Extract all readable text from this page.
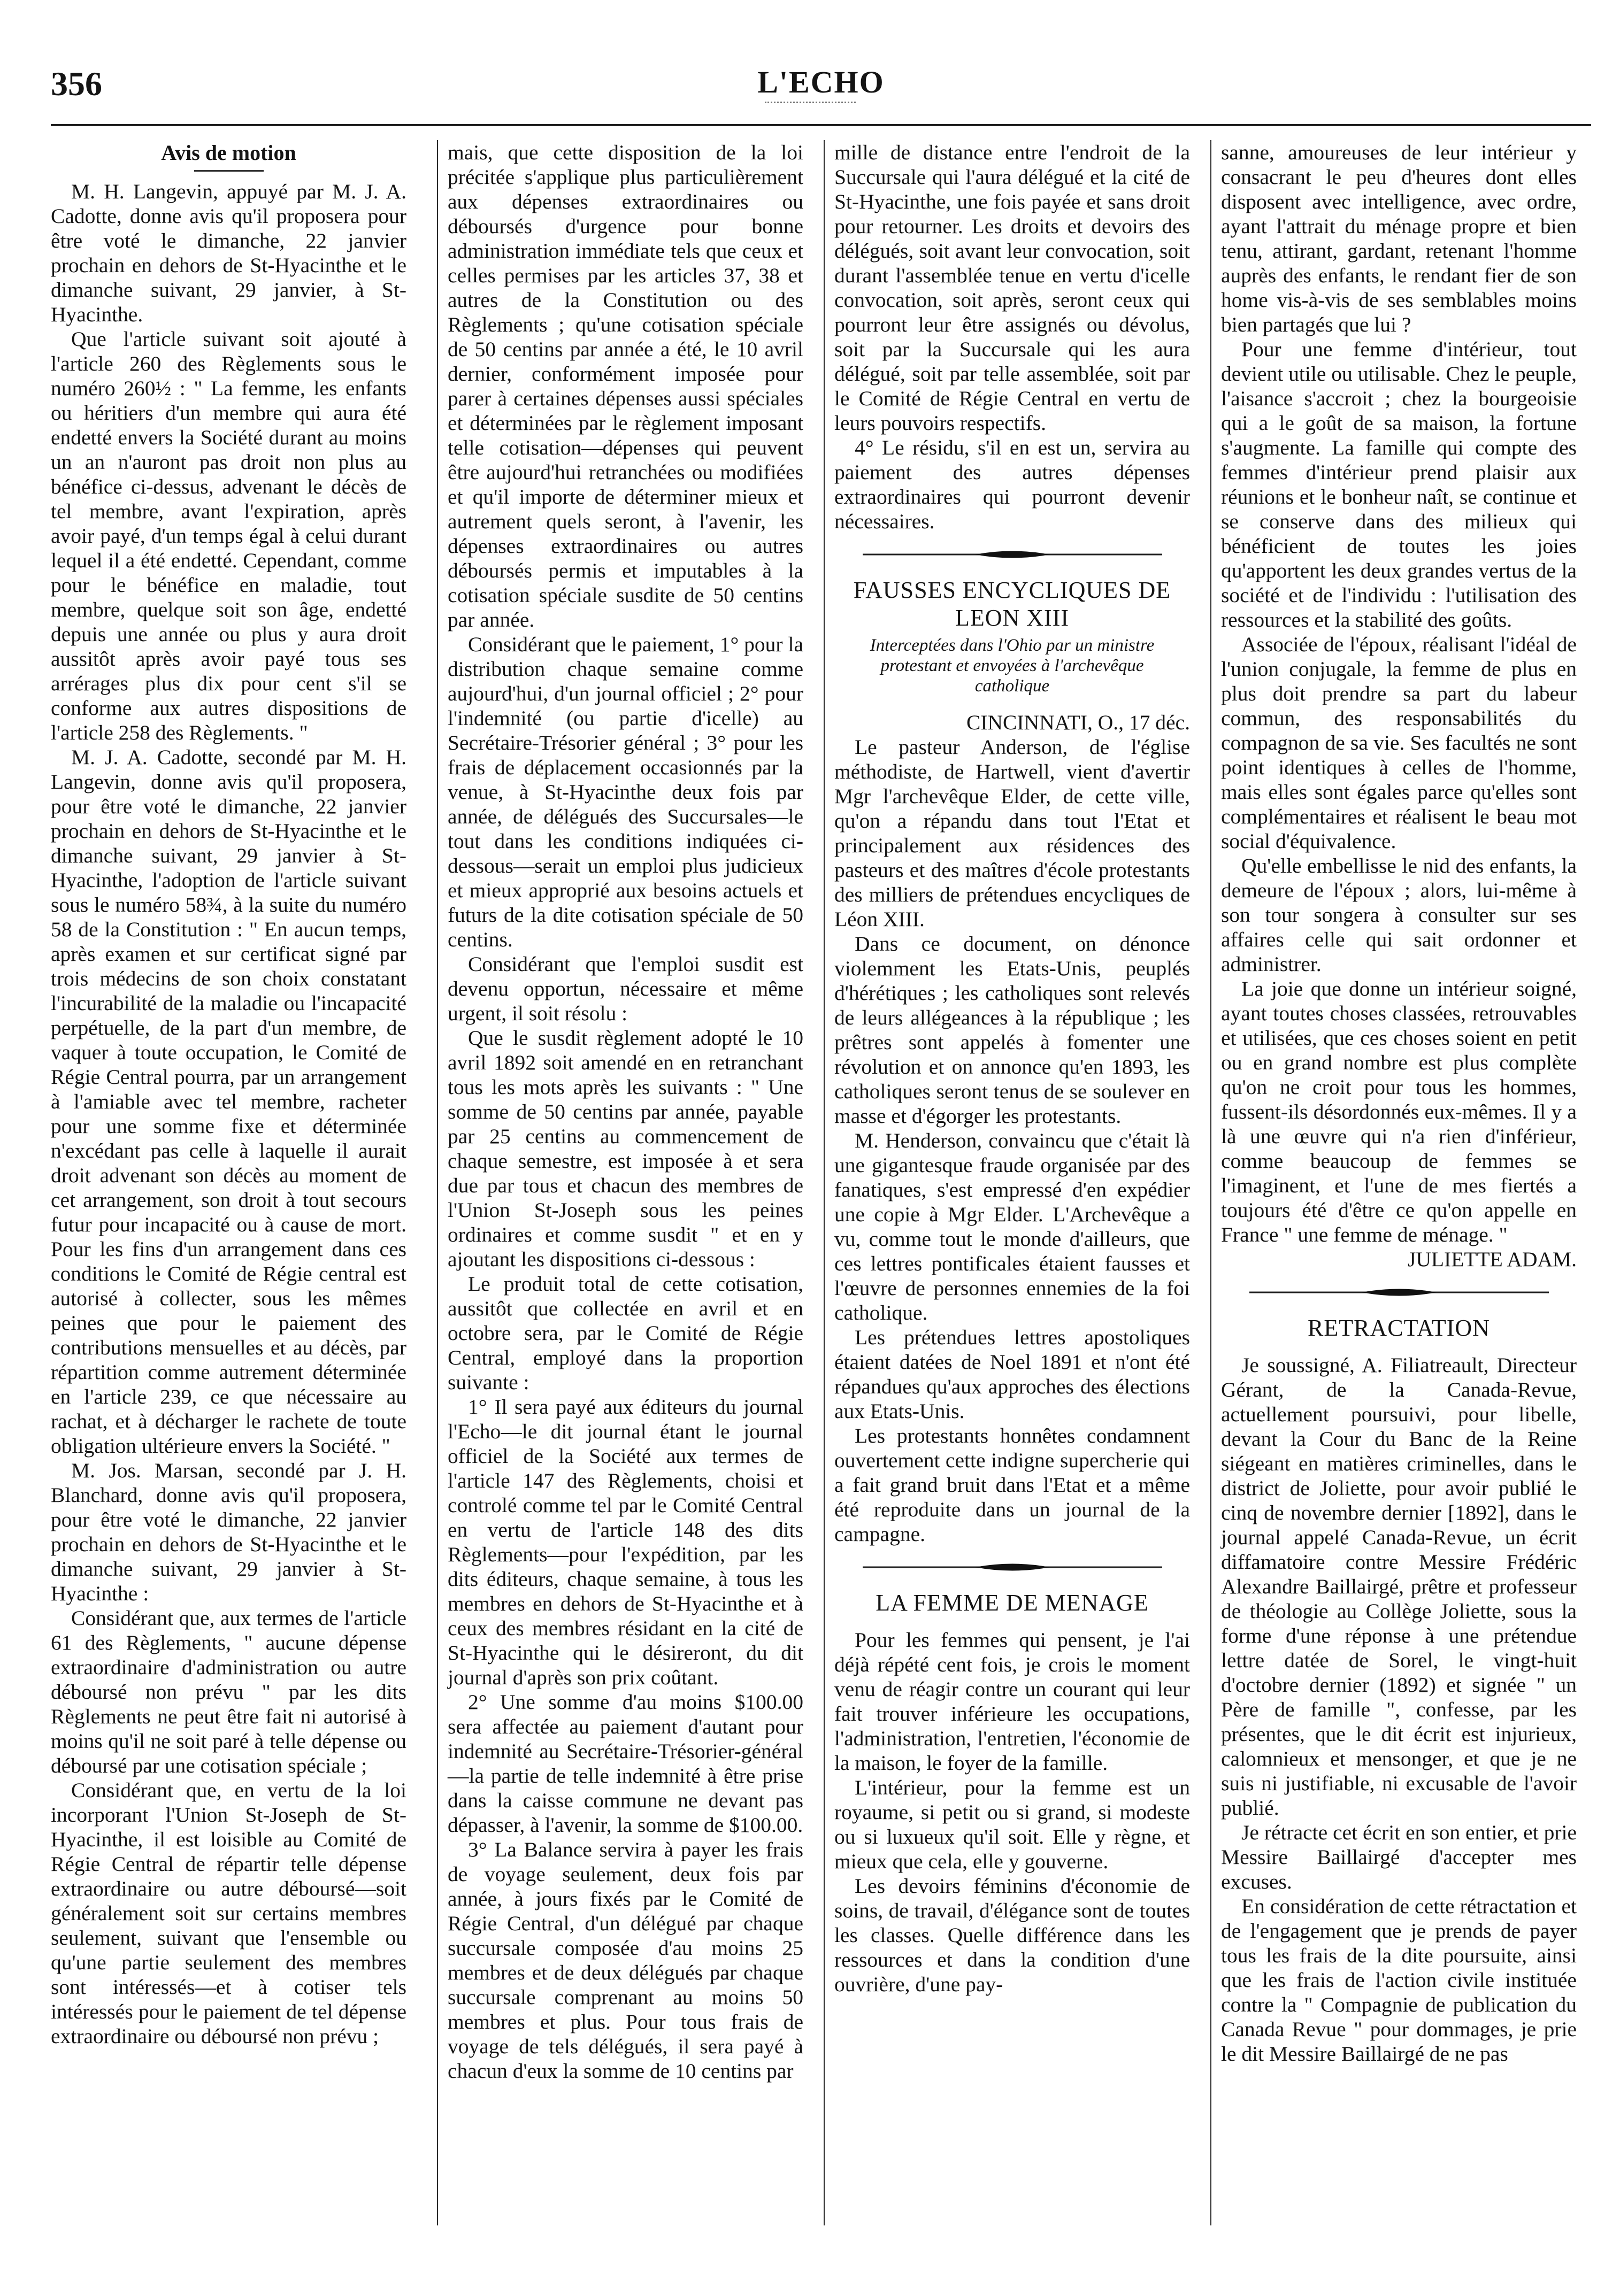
356	L'ECHO
Avis de motion

M. H. Langevin, appuyé par M. J. A. Cadotte, donne avis qu'il proposera pour être voté le dimanche, 22 janvier prochain en dehors de St-Hyacinthe et le dimanche suivant, 29 janvier, à St-Hyacinthe.

Que l'article suivant soit ajouté à l'article 260 des Règlements sous le numéro 260½ : " La femme, les enfants ou héritiers d'un membre qui aura été endetté envers la Société durant au moins un an n'auront pas droit non plus au bénéfice ci-dessus, advenant le décès de tel membre, avant l'expiration, après avoir payé, d'un temps égal à celui durant lequel il a été endetté. Cependant, comme pour le bénéfice en maladie, tout membre, quelque soit son âge, endetté depuis une année ou plus y aura droit aussitôt après avoir payé tous ses arrérages plus dix pour cent s'il se conforme aux autres dispositions de l'article 258 des Règlements. "

M. J. A. Cadotte, secondé par M. H. Langevin, donne avis qu'il proposera, pour être voté le dimanche, 22 janvier prochain en dehors de St-Hyacinthe et le dimanche suivant, 29 janvier à St-Hyacinthe, l'adoption de l'article suivant sous le numéro 58¾, à la suite du numéro 58 de la Constitution : " En aucun temps, après examen et sur certificat signé par trois médecins de son choix constatant l'incurabilité de la maladie ou l'incapacité perpétuelle, de la part d'un membre, de vaquer à toute occupation, le Comité de Régie Central pourra, par un arrangement à l'amiable avec tel membre, racheter pour une somme fixe et déterminée n'excédant pas celle à laquelle il aurait droit advenant son décès au moment de cet arrangement, son droit à tout secours futur pour incapacité ou à cause de mort. Pour les fins d'un arrangement dans ces conditions le Comité de Régie central est autorisé à collecter, sous les mêmes peines que pour le paiement des contributions mensuelles et au décès, par répartition comme autrement déterminée en l'article 239, ce que nécessaire au rachat, et à décharger le rachete de toute obligation ultérieure envers la Société. "

M. Jos. Marsan, secondé par J. H. Blanchard, donne avis qu'il proposera, pour être voté le dimanche, 22 janvier prochain en dehors de St-Hyacinthe et le dimanche suivant, 29 janvier à St-Hyacinthe :

Considérant que, aux termes de l'article 61 des Règlements, " aucune dépense extraordinaire d'administration ou autre déboursé non prévu " par les dits Règlements ne peut être fait ni autorisé à moins qu'il ne soit paré à telle dépense ou déboursé par une cotisation spéciale ;

Considérant que, en vertu de la loi incorporant l'Union St-Joseph de St-Hyacinthe, il est loisible au Comité de Régie Central de répartir telle dépense extraordinaire ou autre déboursé—soit généralement soit sur certains membres seulement, suivant que l'ensemble ou qu'une partie seulement des membres sont intéressés—et à cotiser tels intéressés pour le paiement de tel dépense extraordinaire ou déboursé non prévu ;

mais, que cette disposition de la loi précitée s'applique plus particulièrement aux dépenses extraordinaires ou déboursés d'urgence pour bonne administration immédiate tels que ceux et celles permises par les articles 37, 38 et autres de la Constitution ou des Règlements ; qu'une cotisation spéciale de 50 centins par année a été, le 10 avril dernier, conformément imposée pour parer à certaines dépenses aussi spéciales et déterminées par le règlement imposant telle cotisation—dépenses qui peuvent être aujourd'hui retranchées ou modifiées et qu'il importe de déterminer mieux et autrement quels seront, à l'avenir, les dépenses extraordinaires ou autres déboursés permis et imputables à la cotisation spéciale susdite de 50 centins par année.

Considérant que le paiement, 1° pour la distribution chaque semaine comme aujourd'hui, d'un journal officiel ; 2° pour l'indemnité (ou partie d'icelle) au Secrétaire-Trésorier général ; 3° pour les frais de déplacement occasionnés par la venue, à St-Hyacinthe deux fois par année, de délégués des Succursales—le tout dans les conditions indiquées ci-dessous—serait un emploi plus judicieux et mieux approprié aux besoins actuels et futurs de la dite cotisation spéciale de 50 centins.

Considérant que l'emploi susdit est devenu opportun, nécessaire et même urgent, il soit résolu :

Que le susdit règlement adopté le 10 avril 1892 soit amendé en en retranchant tous les mots après les suivants : " Une somme de 50 centins par année, payable par 25 centins au commencement de chaque semestre, est imposée à et sera due par tous et chacun des membres de l'Union St-Joseph sous les peines ordinaires et comme susdit " et en y ajoutant les dispositions ci-dessous :

Le produit total de cette cotisation, aussitôt que collectée en avril et en octobre sera, par le Comité de Régie Central, employé dans la proportion suivante :

1° Il sera payé aux éditeurs du journal l'Echo—le dit journal étant le journal officiel de la Société aux termes de l'article 147 des Règlements, choisi et controlé comme tel par le Comité Central en vertu de l'article 148 des dits Règlements—pour l'expédition, par les dits éditeurs, chaque semaine, à tous les membres en dehors de St-Hyacinthe et à ceux des membres résidant en la cité de St-Hyacinthe qui le désireront, du dit journal d'après son prix coûtant.

2° Une somme d'au moins $100.00 sera affectée au paiement d'autant pour indemnité au Secrétaire-Trésorier-général—la partie de telle indemnité à être prise dans la caisse commune ne devant pas dépasser, à l'avenir, la somme de $100.00.

3° La Balance servira à payer les frais de voyage seulement, deux fois par année, à jours fixés par le Comité de Régie Central, d'un délégué par chaque succursale composée d'au moins 25 membres et de deux délégués par chaque succursale comprenant au moins 50 membres et plus. Pour tous frais de voyage de tels délégués, il sera payé à chacun d'eux la somme de 10 centins par

mille de distance entre l'endroit de la Succursale qui l'aura délégué et la cité de St-Hyacinthe, une fois payée et sans droit pour retourner. Les droits et devoirs des délégués, soit avant leur convocation, soit durant l'assemblée tenue en vertu d'icelle convocation, soit après, seront ceux qui pourront leur être assignés ou dévolus, soit par la Succursale qui les aura délégué, soit par telle assemblée, soit par le Comité de Régie Central en vertu de leurs pouvoirs respectifs.

4° Le résidu, s'il en est un, servira au paiement des autres dépenses extraordinaires qui pourront devenir nécessaires.

FAUSSES ENCYCLIQUES DE LEON XIII
Interceptées dans l'Ohio par un ministre protestant et envoyées à l'archevêque catholique

CINCINNATI, O., 17 déc.

Le pasteur Anderson, de l'église méthodiste, de Hartwell, vient d'avertir Mgr l'archevêque Elder, de cette ville, qu'on a répandu dans tout l'Etat et principalement aux résidences des pasteurs et des maîtres d'école protestants des milliers de prétendues encycliques de Léon XIII.

Dans ce document, on dénonce violemment les Etats-Unis, peuplés d'hérétiques ; les catholiques sont relevés de leurs allégeances à la république ; les prêtres sont appelés à fomenter une révolution et on annonce qu'en 1893, les catholiques seront tenus de se soulever en masse et d'égorger les protestants.

M. Henderson, convaincu que c'était là une gigantesque fraude organisée par des fanatiques, s'est empressé d'en expédier une copie à Mgr Elder. L'Archevêque a vu, comme tout le monde d'ailleurs, que ces lettres pontificales étaient fausses et l'œuvre de personnes ennemies de la foi catholique.

Les prétendues lettres apostoliques étaient datées de Noel 1891 et n'ont été répandues qu'aux approches des élections aux Etats-Unis.

Les protestants honnêtes condamnent ouvertement cette indigne supercherie qui a fait grand bruit dans l'Etat et a même été reproduite dans un journal de la campagne.

LA FEMME DE MENAGE

Pour les femmes qui pensent, je l'ai déjà répété cent fois, je crois le moment venu de réagir contre un courant qui leur fait trouver inférieure les occupations, l'administration, l'entretien, l'économie de la maison, le foyer de la famille.

L'intérieur, pour la femme est un royaume, si petit ou si grand, si modeste ou si luxueux qu'il soit. Elle y règne, et mieux que cela, elle y gouverne.

Les devoirs féminins d'économie de soins, de travail, d'élégance sont de toutes les classes. Quelle différence dans les ressources et dans la condition d'une ouvrière, d'une pay-

sanne, amoureuses de leur intérieur y consacrant le peu d'heures dont elles disposent avec intelligence, avec ordre, ayant l'attrait du ménage propre et bien tenu, attirant, gardant, retenant l'homme auprès des enfants, le rendant fier de son home vis-à-vis de ses semblables moins bien partagés que lui ?

Pour une femme d'intérieur, tout devient utile ou utilisable. Chez le peuple, l'aisance s'accroit ; chez la bourgeoisie qui a le goût de sa maison, la fortune s'augmente. La famille qui compte des femmes d'intérieur prend plaisir aux réunions et le bonheur naît, se continue et se conserve dans des milieux qui bénéficient de toutes les joies qu'apportent les deux grandes vertus de la société et de l'individu : l'utilisation des ressources et la stabilité des goûts.

Associée de l'époux, réalisant l'idéal de l'union conjugale, la femme de plus en plus doit prendre sa part du labeur commun, des responsabilités du compagnon de sa vie. Ses facultés ne sont point identiques à celles de l'homme, mais elles sont égales parce qu'elles sont complémentaires et réalisent le beau mot social d'équivalence.

Qu'elle embellisse le nid des enfants, la demeure de l'époux ; alors, lui-même à son tour songera à consulter sur ses affaires celle qui sait ordonner et administrer.

La joie que donne un intérieur soigné, ayant toutes choses classées, retrouvables et utilisées, que ces choses soient en petit ou en grand nombre est plus complète qu'on ne croit pour tous les hommes, fussent-ils désordonnés eux-mêmes. Il y a là une œuvre qui n'a rien d'inférieur, comme beaucoup de femmes se l'imaginent, et l'une de mes fiertés a toujours été d'être ce qu'on appelle en France " une femme de ménage. "

JULIETTE ADAM.

RETRACTATION

Je soussigné, A. Filiatreault, Directeur Gérant, de la Canada-Revue, actuellement poursuivi, pour libelle, devant la Cour du Banc de la Reine siégeant en matières criminelles, dans le district de Joliette, pour avoir publié le cinq de novembre dernier [1892], dans le journal appelé Canada-Revue, un écrit diffamatoire contre Messire Frédéric Alexandre Baillairgé, prêtre et professeur de théologie au Collège Joliette, sous la forme d'une réponse à une prétendue lettre datée de Sorel, le vingt-huit d'octobre dernier (1892) et signée " un Père de famille ", confesse, par les présentes, que le dit écrit est injurieux, calomnieux et mensonger, et que je ne suis ni justifiable, ni excusable de l'avoir publié.

Je rétracte cet écrit en son entier, et prie Messire Baillairgé d'accepter mes excuses.

En considération de cette rétractation et de l'engagement que je prends de payer tous les frais de la dite poursuite, ainsi que les frais de l'action civile instituée contre la " Compagnie de publication du Canada Revue " pour dommages, je prie le dit Messire Baillairgé de ne pas
